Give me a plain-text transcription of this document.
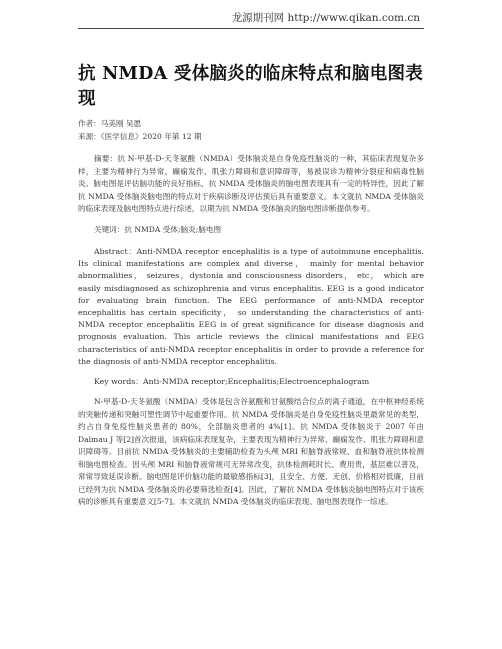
龙源期刊网 http://www.qikan.com.cn
抗 NMDA 受体脑炎的临床特点和脑电图表现
作者：马美刚 吴愿
来源：《医学信息》2020 年第 12 期

摘要：抗 N-甲基-D-天冬氨酸（NMDA）受体脑炎是自身免疫性脑炎的一种，其临床表现复杂多样，主要为精神行为异常、癫痫发作、肌张力障碍和意识障碍等，易被误诊为精神分裂症和病毒性脑炎。脑电图是评估脑功能的良好指标，抗 NMDA 受体脑炎的脑电图表现具有一定的特异性，因此了解抗 NMDA 受体脑炎脑电图的特点对于疾病诊断及评估预后具有重要意义。本文就抗 NMDA 受体脑炎的临床表现及脑电图特点进行综述，以期为抗 NMDA 受体脑炎的脑电图诊断提供参考。

关键词：抗 NMDA 受体;脑炎;脑电图

Abstract：Anti-NMDA receptor encephalitis is a type of autoimmune encephalitis. Its clinical manifestations are complex and diverse， mainly for mental behavior abnormalities， seizures，dystonia and consciousness disorders， etc， which are easily misdiagnosed as schizophrenia and virus encephalitis. EEG is a good indicator for evaluating brain function. The EEG performance of anti-NMDA receptor encephalitis has certain specificity， so understanding the characteristics of anti-NMDA receptor encephalitis EEG is of great significance for disease diagnosis and prognosis evaluation. This article reviews the clinical manifestations and EEG characteristics of anti-NMDA receptor encephalitis in order to provide a reference for the diagnosis of anti-NMDA receptor encephalitis.

Key words：Anti-NMDA receptor;Encephalitis;Electroencephalogram

N-甲基-D-天冬氨酸（NMDA）受体是包含谷氨酸和甘氨酸结合位点的离子通道，在中枢神经系统的突触传递和突触可塑性调节中起重要作用。抗 NMDA 受体脑炎是自身免疫性脑炎里最常见的类型，约占自身免疫性脑炎患者的 80%，全部脑炎患者的 4%[1]。抗 NMDA 受体脑炎于 2007 年由 Dalmau J 等[2]首次报道，该病临床表现复杂，主要表现为精神行为异常、癫痫发作、肌张力障碍和意识障碍等。目前抗 NMDA 受体脑炎的主要辅助检查为头颅 MRI 和脑脊液常规、血和脑脊液抗体检测和脑电图检查。因头颅 MRI 和脑脊液常规可无异常改变，抗体检测耗时长、费用贵，基层难以普及，常常导致延误诊断。脑电图是评价脑功能的最敏感指标[3]，且安全、方便、无创、价格相对低廉，目前已经列为抗 NMDA 受体脑炎的必要筛选检查[4]。因此，了解抗 NMDA 受体脑炎脑电图特点对于该疾病的诊断具有重要意义[5-7]。本文就抗 NMDA 受体脑炎的临床表现、脑电图表现作一综述。
